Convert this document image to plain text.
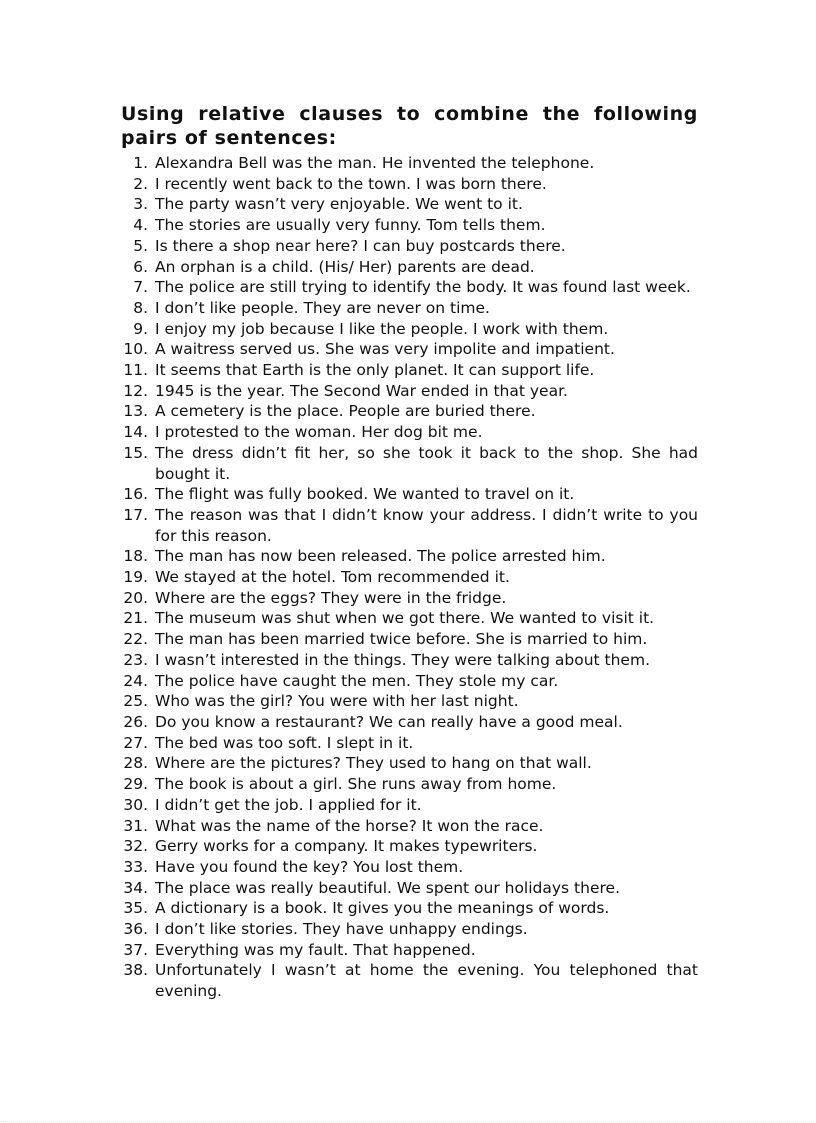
Using relative clauses to combine the following pairs of sentences:
1. Alexandra Bell was the man. He invented the telephone.
2. I recently went back to the town. I was born there.
3. The party wasn’t very enjoyable. We went to it.
4. The stories are usually very funny. Tom tells them.
5. Is there a shop near here? I can buy postcards there.
6. An orphan is a child. (His/ Her) parents are dead.
7. The police are still trying to identify the body. It was found last week.
8. I don’t like people. They are never on time.
9. I enjoy my job because I like the people. I work with them.
10. A waitress served us. She was very impolite and impatient.
11. It seems that Earth is the only planet. It can support life.
12. 1945 is the year. The Second War ended in that year.
13. A cemetery is the place. People are buried there.
14. I protested to the woman. Her dog bit me.
15. The dress didn’t fit her, so she took it back to the shop. She had bought it.
16. The flight was fully booked. We wanted to travel on it.
17. The reason was that I didn’t know your address. I didn’t write to you for this reason.
18. The man has now been released. The police arrested him.
19. We stayed at the hotel. Tom recommended it.
20. Where are the eggs? They were in the fridge.
21. The museum was shut when we got there. We wanted to visit it.
22. The man has been married twice before. She is married to him.
23. I wasn’t interested in the things. They were talking about them.
24. The police have caught the men. They stole my car.
25. Who was the girl? You were with her last night.
26. Do you know a restaurant? We can really have a good meal.
27. The bed was too soft. I slept in it.
28. Where are the pictures? They used to hang on that wall.
29. The book is about a girl. She runs away from home.
30. I didn’t get the job. I applied for it.
31. What was the name of the horse? It won the race.
32. Gerry works for a company. It makes typewriters.
33. Have you found the key? You lost them.
34. The place was really beautiful. We spent our holidays there.
35. A dictionary is a book. It gives you the meanings of words.
36. I don’t like stories. They have unhappy endings.
37. Everything was my fault. That happened.
38. Unfortunately I wasn’t at home the evening. You telephoned that evening.
